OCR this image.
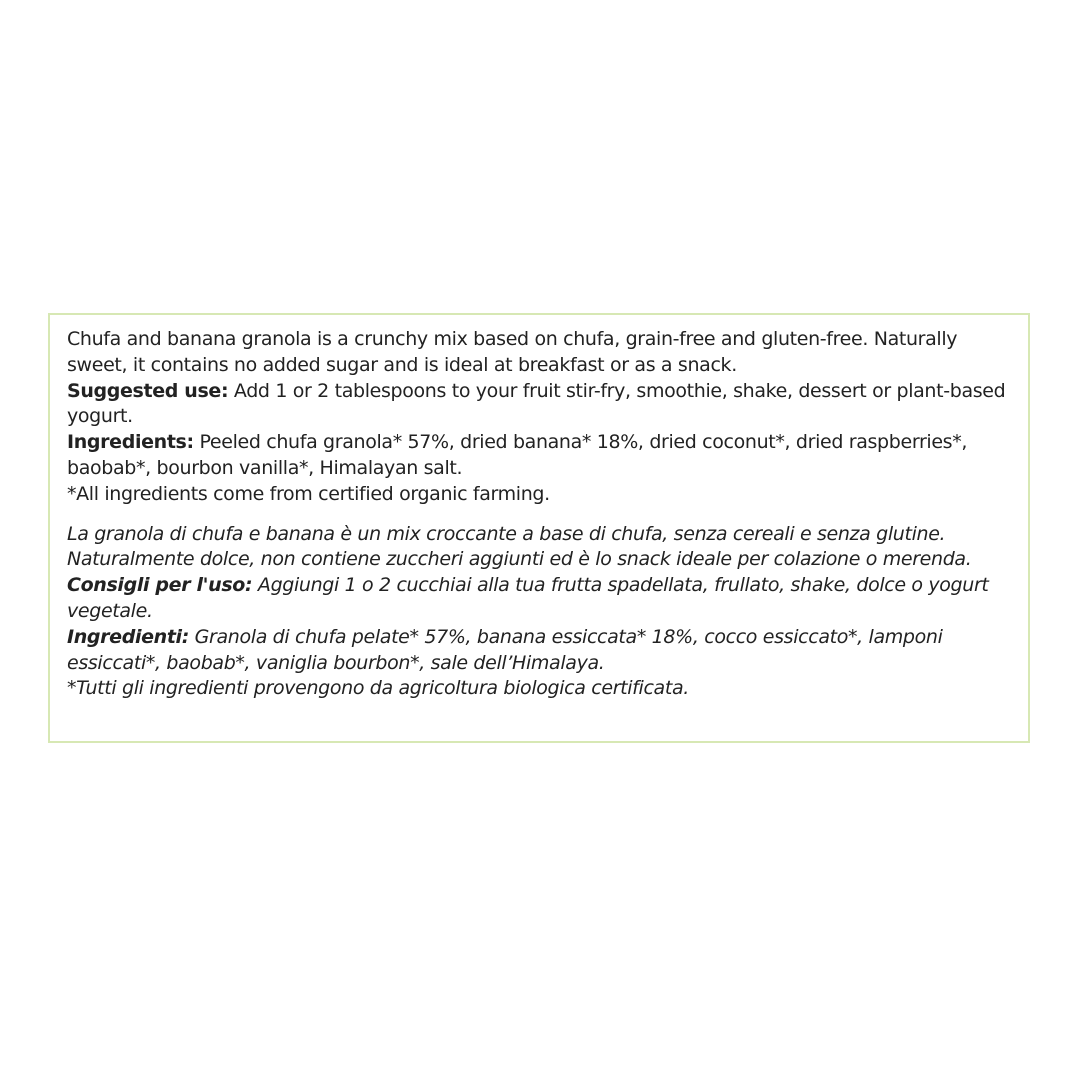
Chufa and banana granola is a crunchy mix based on chufa, grain-free and gluten-free. Naturally sweet, it contains no added sugar and is ideal at breakfast or as a snack.

Suggested use: Add 1 or 2 tablespoons to your fruit stir-fry, smoothie, shake, dessert or plant-based yogurt.

Ingredients: Peeled chufa granola* 57%, dried banana* 18%, dried coconut*, dried raspberries*, baobab*, bourbon vanilla*, Himalayan salt.

*All ingredients come from certified organic farming.

La granola di chufa e banana è un mix croccante a base di chufa, senza cereali e senza glutine. Naturalmente dolce, non contiene zuccheri aggiunti ed è lo snack ideale per colazione o merenda.

Consigli per l'uso: Aggiungi 1 o 2 cucchiai alla tua frutta spadellata, frullato, shake, dolce o yogurt vegetale.

Ingredienti: Granola di chufa pelate* 57%, banana essiccata* 18%, cocco essiccato*, lamponi essiccati*, baobab*, vaniglia bourbon*, sale dell’Himalaya.

*Tutti gli ingredienti provengono da agricoltura biologica certificata.
